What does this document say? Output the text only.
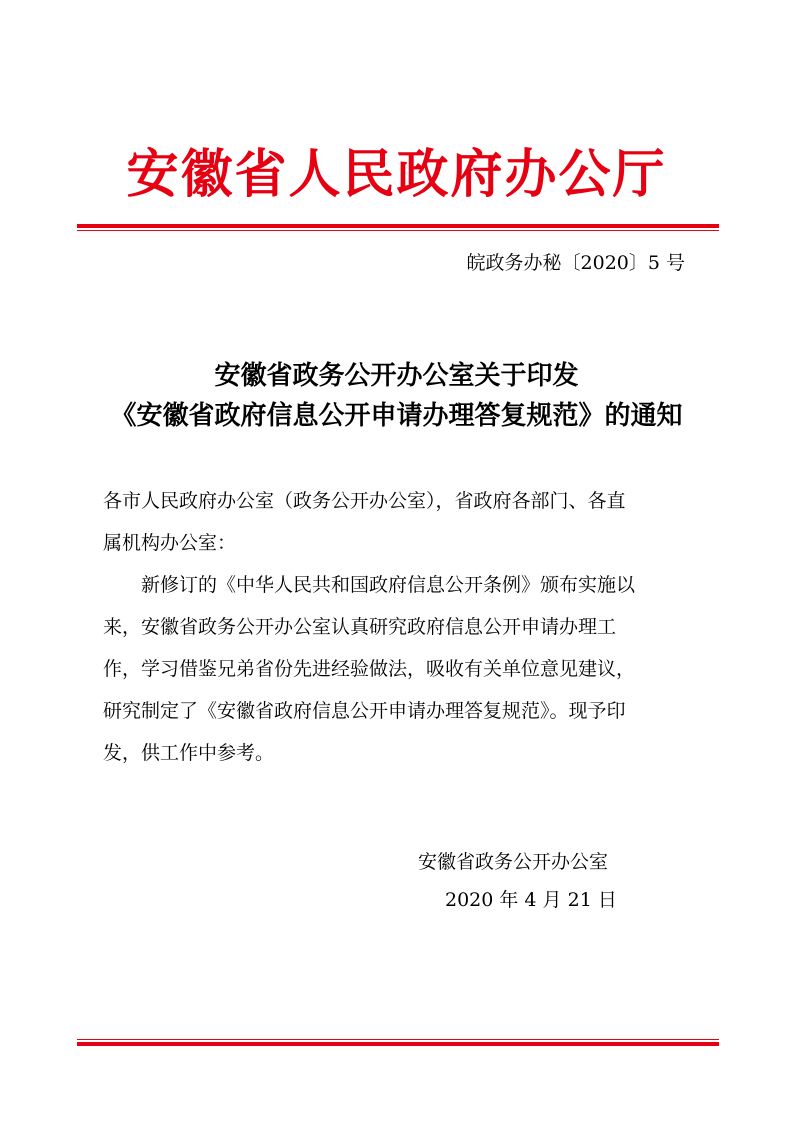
安徽省人民政府办公厅
皖政务办秘〔2020〕5 号
安徽省政务公开办公室关于印发
《安徽省政府信息公开申请办理答复规范》的通知

各市人民政府办公室（政务公开办公室），省政府各部门、各直

属机构办公室：

新修订的《中华人民共和国政府信息公开条例》颁布实施以

来，安徽省政务公开办公室认真研究政府信息公开申请办理工

作，学习借鉴兄弟省份先进经验做法，吸收有关单位意见建议，

研究制定了《安徽省政府信息公开申请办理答复规范》。现予印

发，供工作中参考。

安徽省政务公开办公室
2020 年 4 月 21 日
